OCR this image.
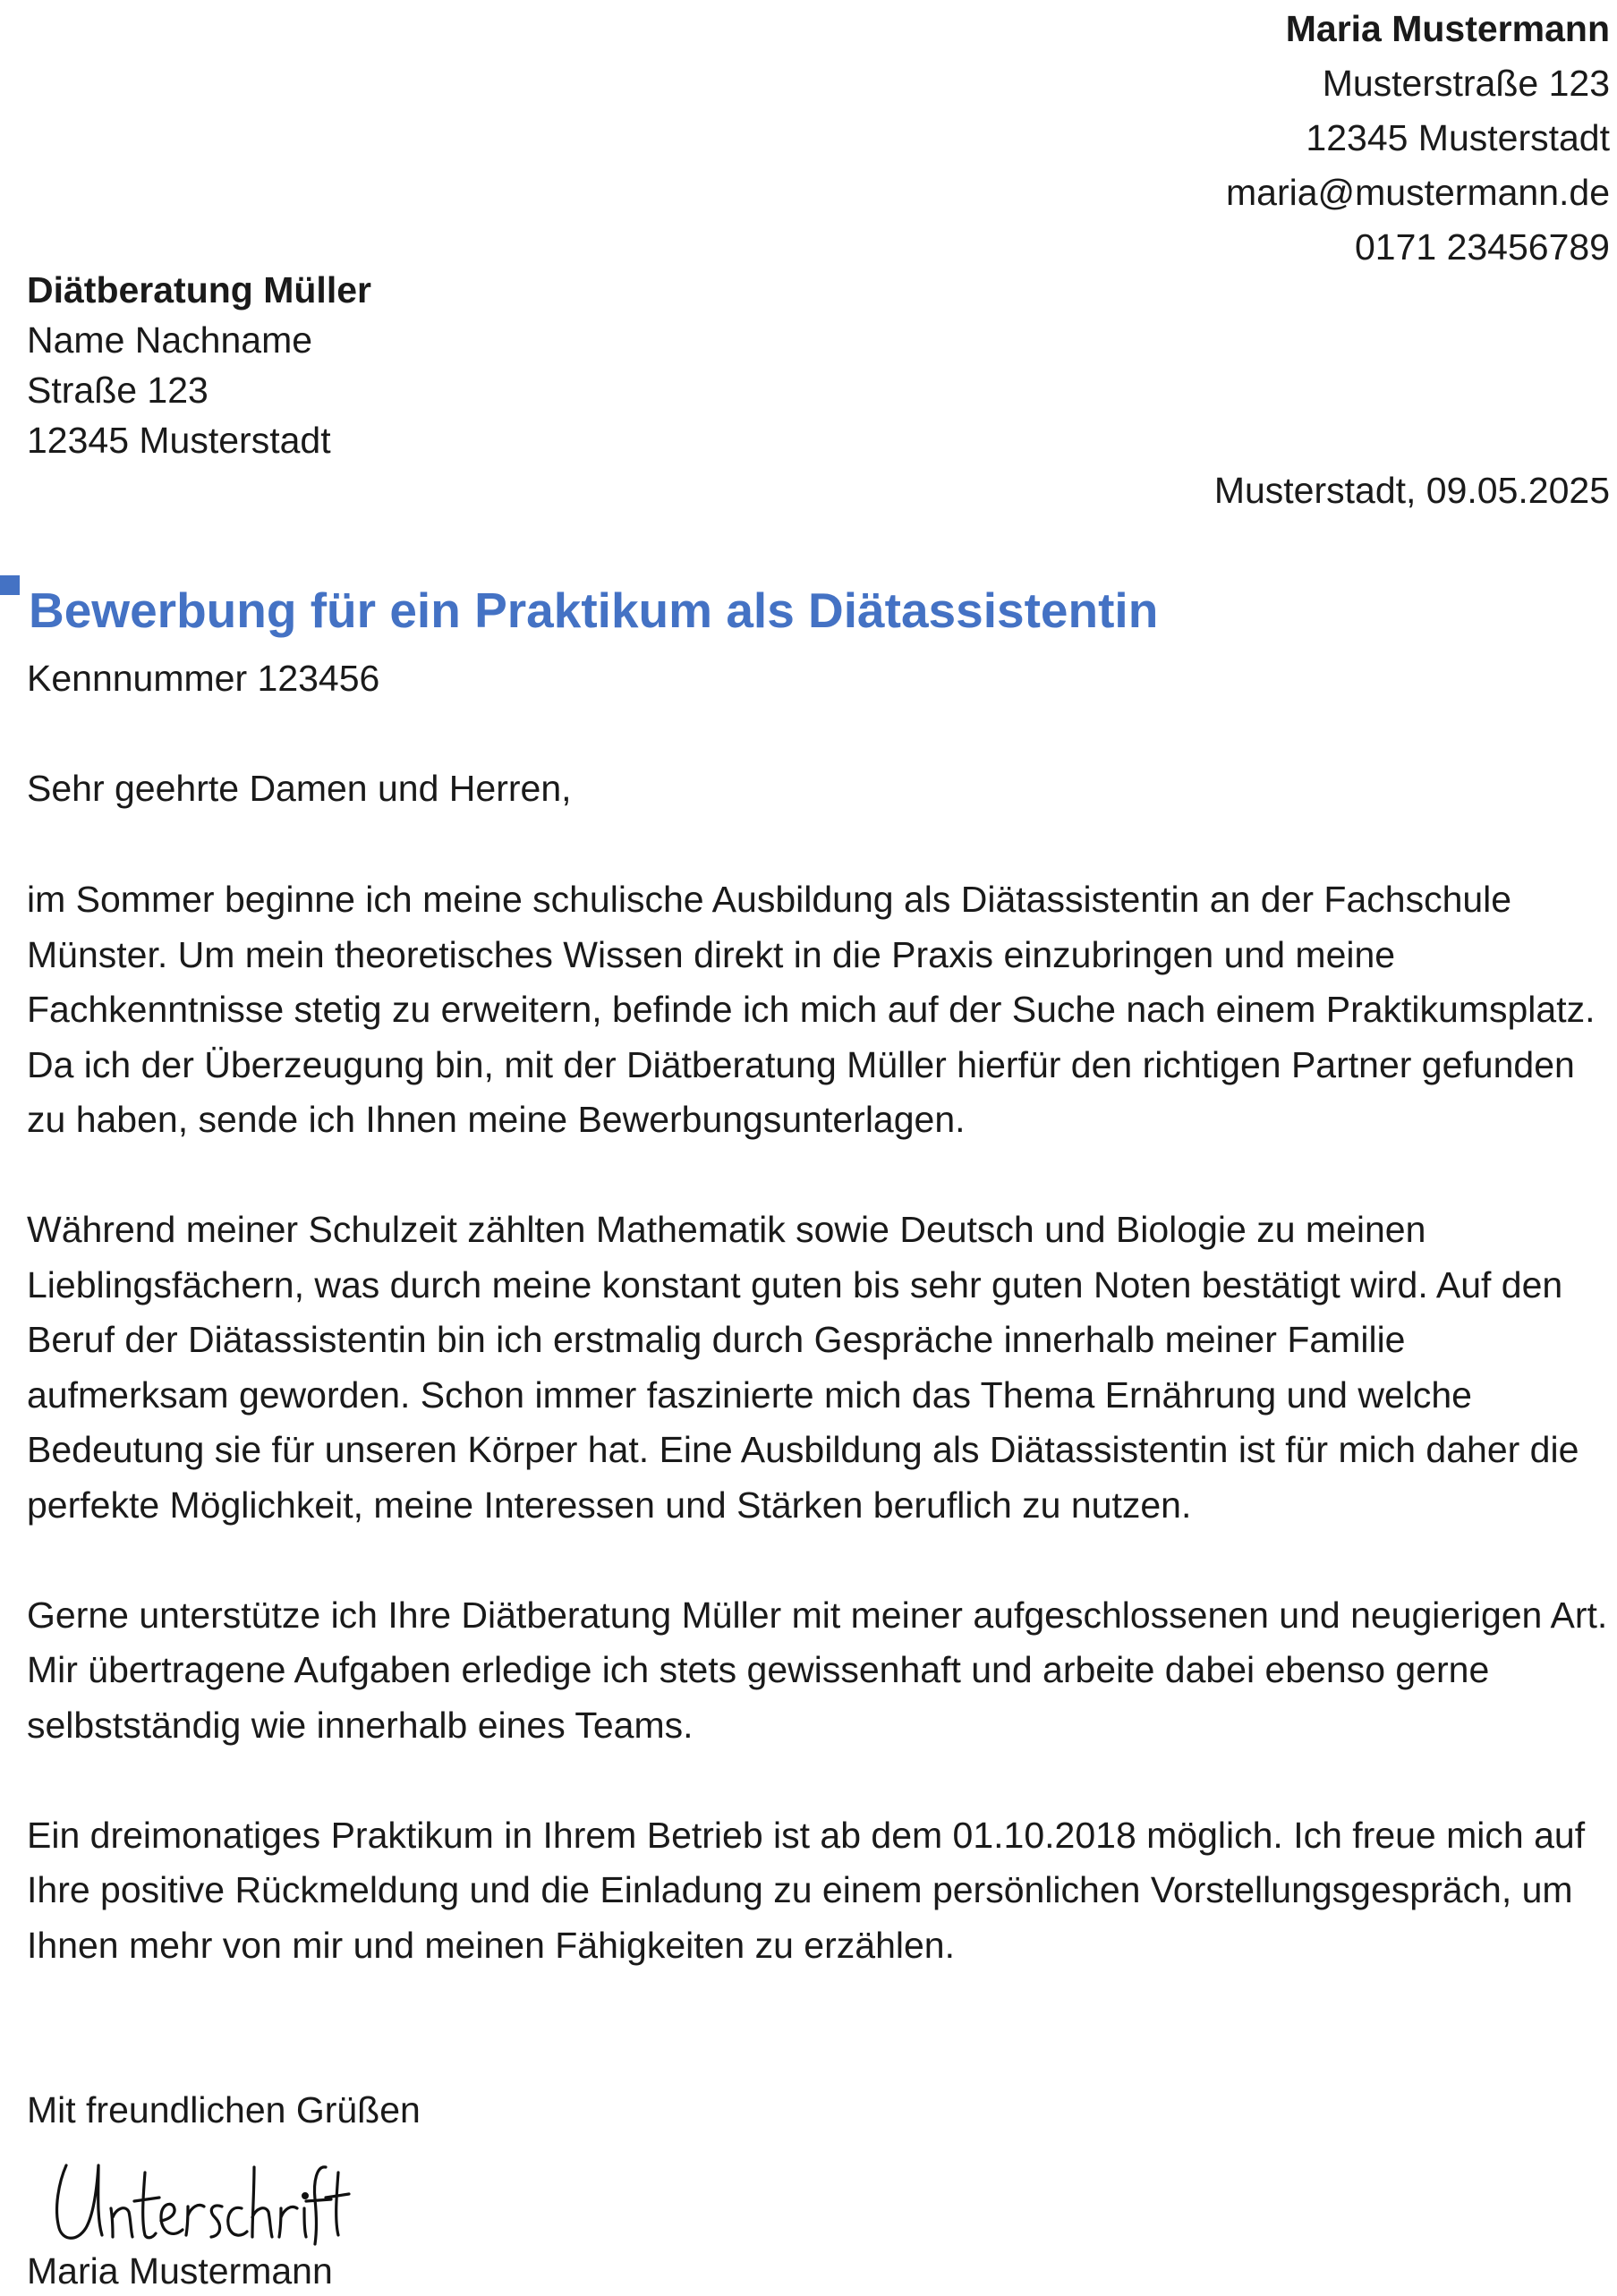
Maria Mustermann
Musterstraße 123
12345 Musterstadt
maria@mustermann.de
0171 23456789
Diätberatung Müller
Name Nachname
Straße 123
12345 Musterstadt
Musterstadt, 09.05.2025
Bewerbung für ein Praktikum als Diätassistentin
Kennnummer 123456
Sehr geehrte Damen und Herren,

im Sommer beginne ich meine schulische Ausbildung als Diätassistentin an der Fachschule Münster. Um mein theoretisches Wissen direkt in die Praxis einzubringen und meine Fachkenntnisse stetig zu erweitern, befinde ich mich auf der Suche nach einem Praktikumsplatz. Da ich der Überzeugung bin, mit der Diätberatung Müller hierfür den richtigen Partner gefunden zu haben, sende ich Ihnen meine Bewerbungsunterlagen.

Während meiner Schulzeit zählten Mathematik sowie Deutsch und Biologie zu meinen Lieblingsfächern, was durch meine konstant guten bis sehr guten Noten bestätigt wird. Auf den Beruf der Diätassistentin bin ich erstmalig durch Gespräche innerhalb meiner Familie aufmerksam geworden. Schon immer faszinierte mich das Thema Ernährung und welche Bedeutung sie für unseren Körper hat. Eine Ausbildung als Diätassistentin ist für mich daher die perfekte Möglichkeit, meine Interessen und Stärken beruflich zu nutzen.

Gerne unterstütze ich Ihre Diätberatung Müller mit meiner aufgeschlossenen und neugierigen Art. Mir übertragene Aufgaben erledige ich stets gewissenhaft und arbeite dabei ebenso gerne selbstständig wie innerhalb eines Teams.

Ein dreimonatiges Praktikum in Ihrem Betrieb ist ab dem 01.10.2018 möglich. Ich freue mich auf Ihre positive Rückmeldung und die Einladung zu einem persönlichen Vorstellungsgespräch, um Ihnen mehr von mir und meinen Fähigkeiten zu erzählen.

Mit freundlichen Grüßen
Maria Mustermann
